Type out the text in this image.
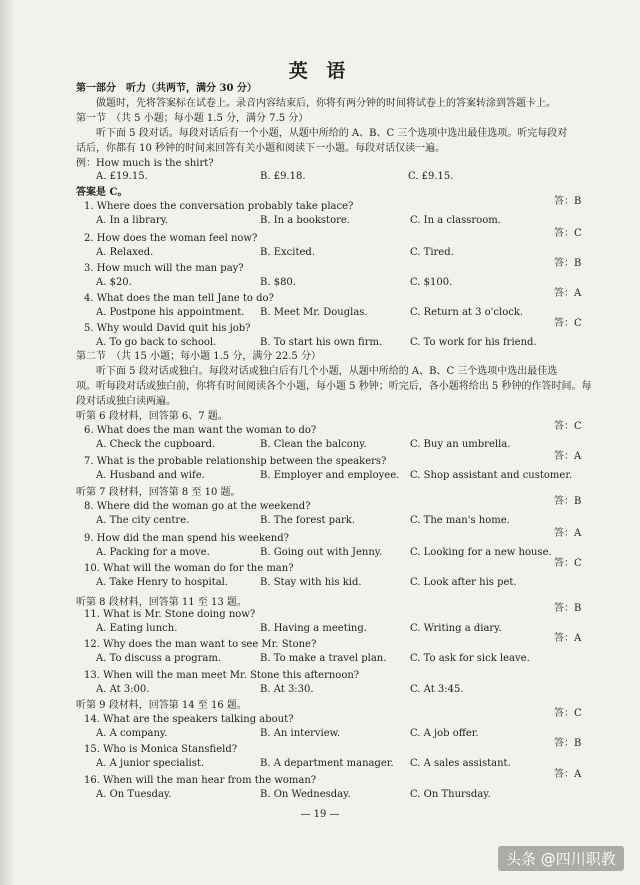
英 语
第一部分　听力（共两节，满分 30 分）
做题时，先将答案标在试卷上。录音内容结束后，你将有两分钟的时间将试卷上的答案转涂到答题卡上。
第一节　（共 5 小题；每小题 1.5 分，满分 7.5 分）
听下面 5 段对话。每段对话后有一个小题，从题中所给的 A、B、C 三个选项中选出最佳选项。听完每段对
话后，你都有 10 秒钟的时间来回答有关小题和阅读下一小题。每段对话仅读一遍。
例：How much is the shirt?
A. £19.15.	B. £9.18.	C. £9.15.
答案是 C。
1. Where does the conversation probably take place?
A. In a library.	B. In a bookstore.	C. In a classroom.
答：B
2. How does the woman feel now?
A. Relaxed.	B. Excited.	C. Tired.
答：C
3. How much will the man pay?
A. $20.	B. $80.	C. $100.
答：B
4. What does the man tell Jane to do?
A. Postpone his appointment. B. Meet Mr. Douglas.	C. Return at 3 o'clock.
答：A
5. Why would David quit his job?
A. To go back to school.	B. To start his own firm.	C. To work for his friend.
答：C
6. What does the man want the woman to do?
A. Check the cupboard.	B. Clean the balcony.	C. Buy an umbrella.
答：C
7. What is the probable relationship between the speakers?
A. Husband and wife.	B. Employer and employee. C. Shop assistant and customer.
答：A
8. Where did the woman go at the weekend?
A. The city centre.	B. The forest park.	C. The man's home.
答：B
9. How did the man spend his weekend?
A. Packing for a move.	B. Going out with Jenny.	C. Looking for a new house.
答：A
10. What will the woman do for the man?
A. Take Henry to hospital.	B. Stay with his kid.	C. Look after his pet.
答：C
11. What is Mr. Stone doing now?
A. Eating lunch.	B. Having a meeting.	C. Writing a diary.
答：B
12. Why does the man want to see Mr. Stone?
A. To discuss a program.	B. To make a travel plan. C. To ask for sick leave.
答：A
13. When will the man meet Mr. Stone this afternoon?
A. At 3:00.	B. At 3:30.	C. At 3:45.
14. What are the speakers talking about?
A. A company.	B. An interview.	C. A job offer.
答：C
15. Who is Monica Stansfield?
A. A junior specialist.	B. A department manager. C. A sales assistant.
答：B
16. When will the man hear from the woman?
A. On Tuesday.	B. On Wednesday.	C. On Thursday.
答：A
第二节　（共 15 小题；每小题 1.5 分，满分 22.5 分）
听下面 5 段对话或独白。每段对话或独白后有几个小题，从题中所给的 A、B、C 三个选项中选出最佳选
项。听每段对话或独白前，你将有时间阅读各个小题，每小题 5 秒钟；听完后，各小题将给出 5 秒钟的作答时间。每
段对话或独白读两遍。
听第 6 段材料，回答第 6、7 题。
听第 7 段材料，回答第 8 至 10 题。
听第 8 段材料，回答第 11 至 13 题。
听第 9 段材料，回答第 14 至 16 题。
— 19 —
头条 @四川职教
